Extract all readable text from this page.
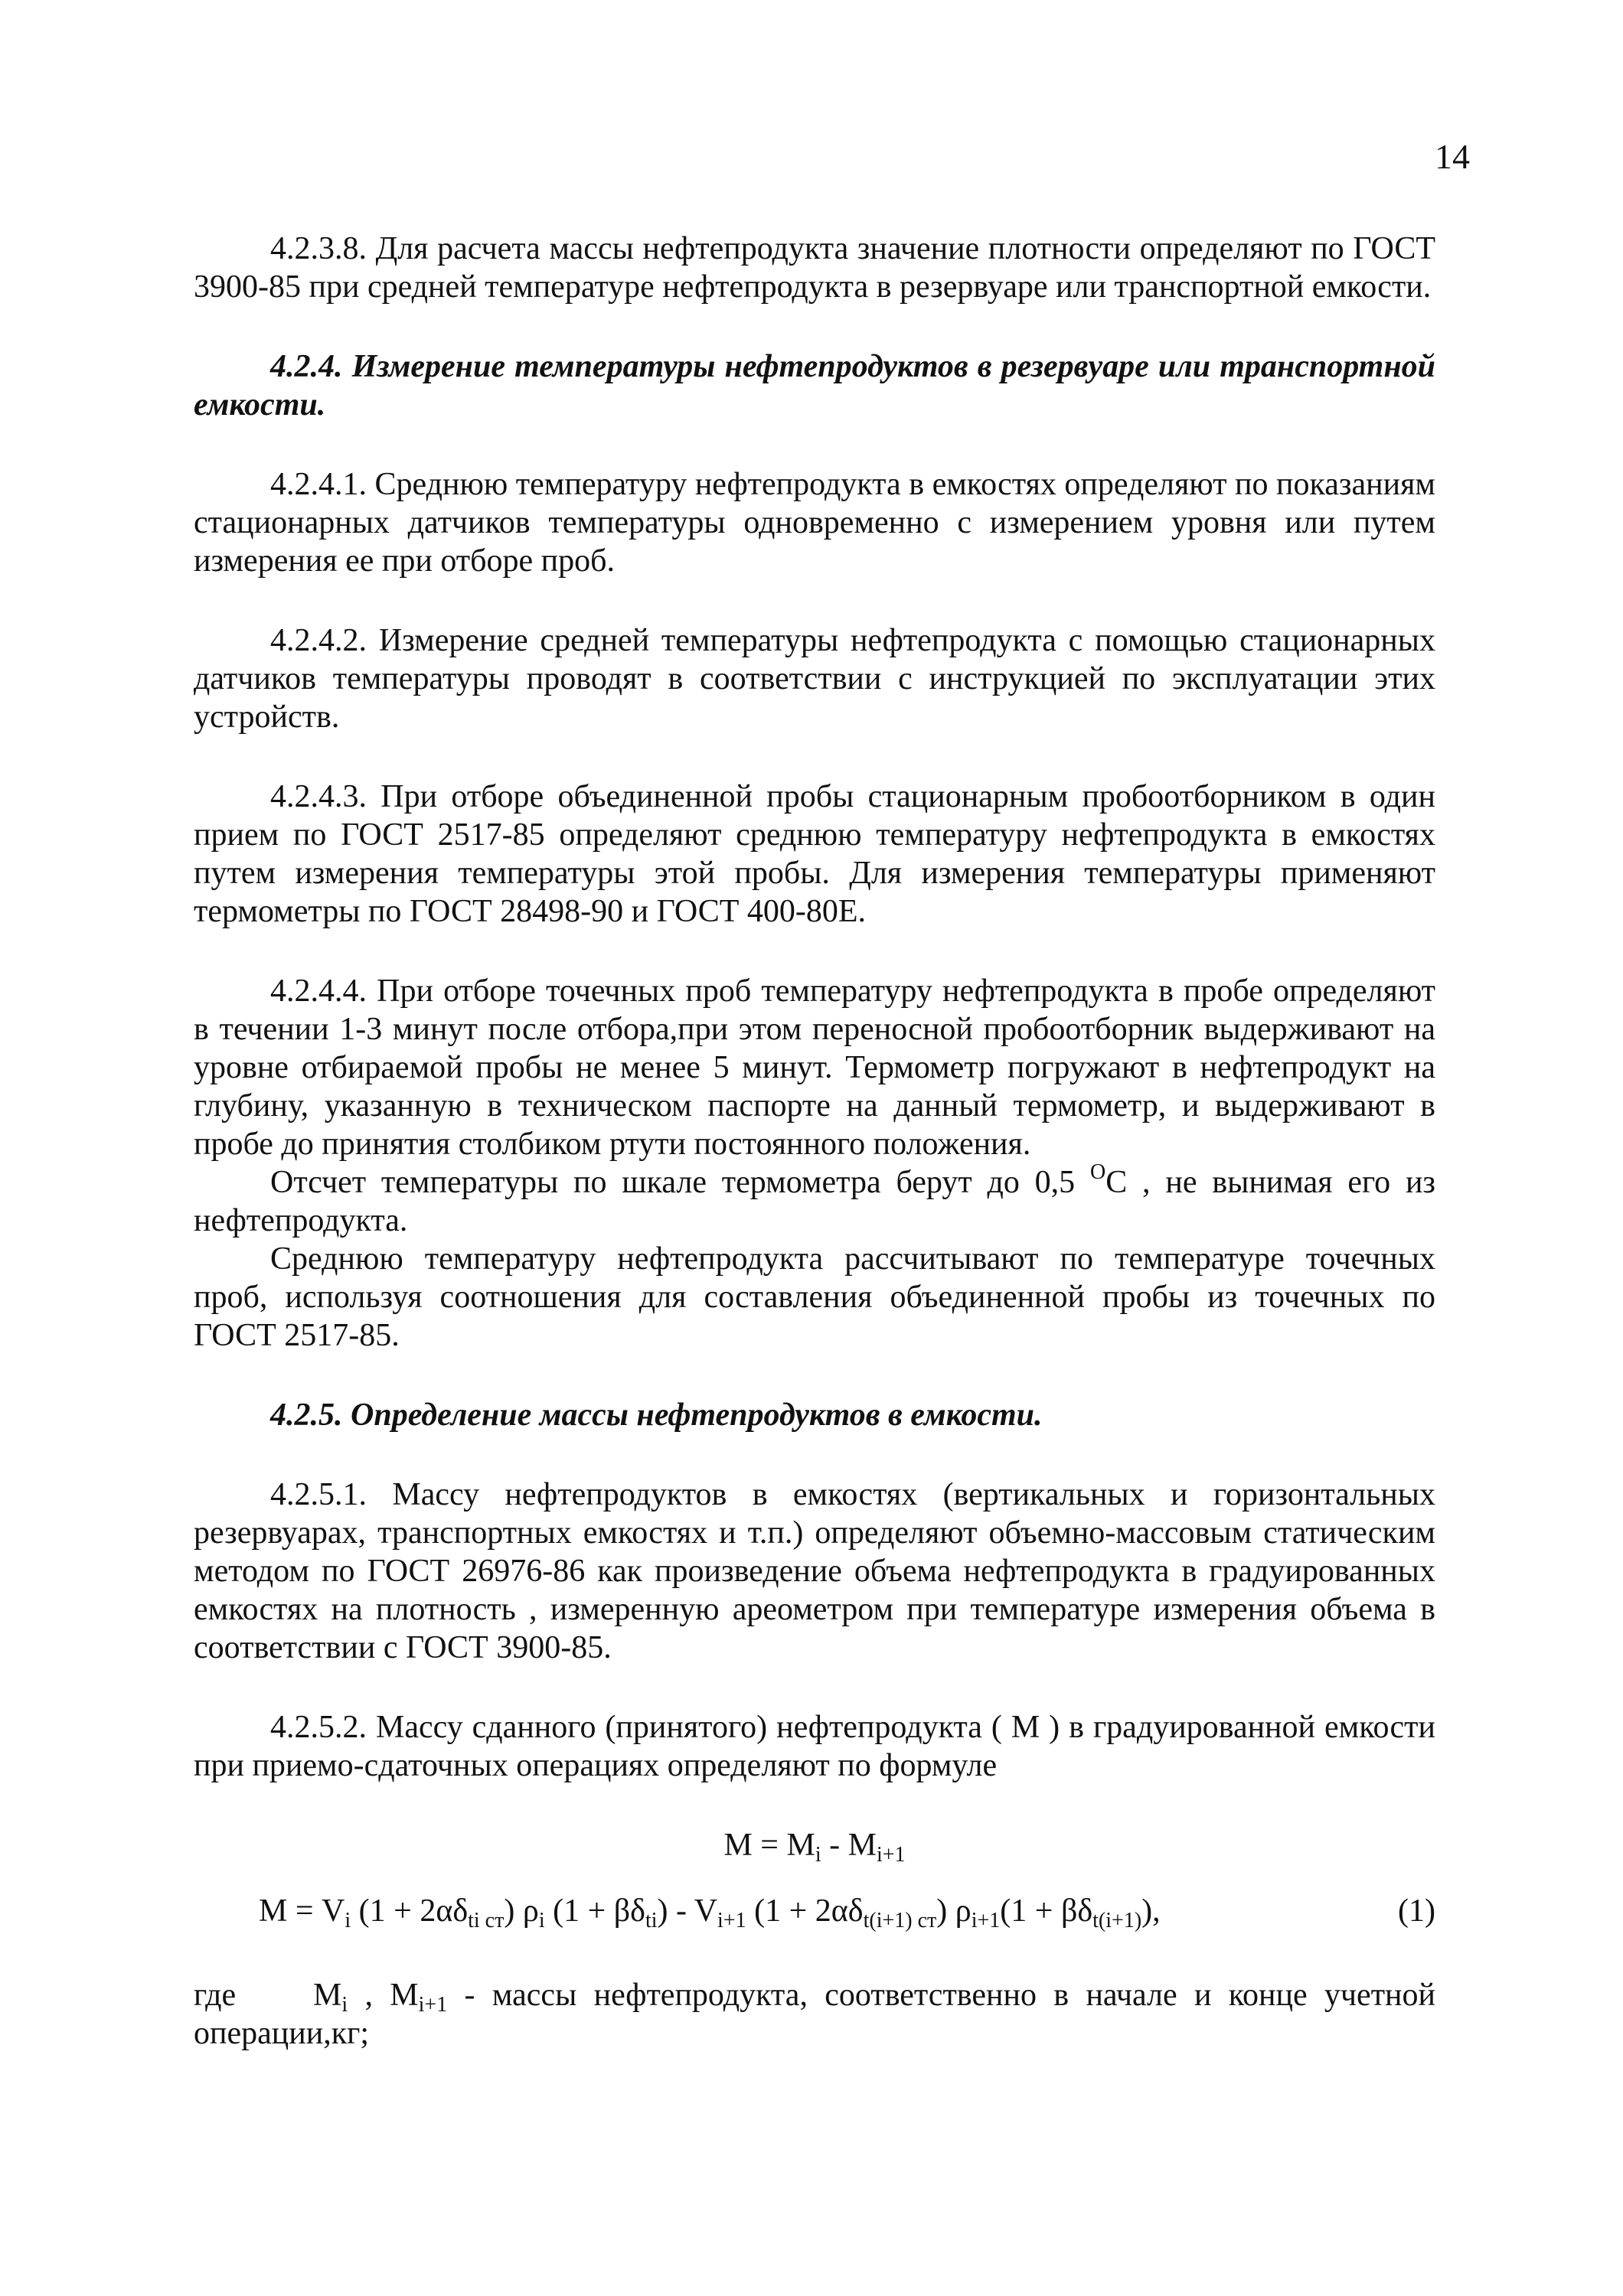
14

4.2.3.8. Для расчета массы нефтепродукта значение плотности определяют по ГОСТ 3900-85 при средней температуре нефтепродукта в резервуаре или транспортной емкости.

4.2.4. Измерение температуры нефтепродуктов в резервуаре или транспортной емкости.

4.2.4.1. Среднюю температуру нефтепродукта в емкостях определяют по показаниям стационарных датчиков температуры одновременно с измерением уровня или путем измерения ее при отборе проб.

4.2.4.2. Измерение средней температуры нефтепродукта с помощью стационарных датчиков температуры проводят в соответствии с инструкцией по эксплуатации этих устройств.

4.2.4.3. При отборе объединенной пробы стационарным пробоотборником в один прием по ГОСТ 2517-85 определяют среднюю температуру нефтепродукта в емкостях путем измерения температуры этой пробы. Для измерения температуры применяют термометры по ГОСТ 28498-90 и ГОСТ 400-80Е.

4.2.4.4. При отборе точечных проб температуру нефтепродукта в пробе определяют в течении 1-3 минут после отбора,при этом переносной пробоотборник выдерживают на уровне отбираемой пробы не менее 5 минут. Термометр погружают в нефтепродукт на глубину, указанную в техническом паспорте на данный термометр, и выдерживают в пробе до принятия столбиком ртути постоянного положения.

Отсчет температуры по шкале термометра берут до 0,5 $^O$С , не вынимая его из нефтепродукта.

Среднюю температуру нефтепродукта рассчитывают по температуре точечных проб, используя соотношения для составления объединенной пробы из точечных по ГОСТ 2517-85.

4.2.5. Определение массы нефтепродуктов в емкости.

4.2.5.1. Массу нефтепродуктов в емкостях (вертикальных и горизонтальных резервуарах, транспортных емкостях и т.п.) определяют объемно-массовым статическим методом по ГОСТ 26976-86 как произведение объема нефтепродукта в градуированных емкостях на плотность , измеренную ареометром при температуре измерения объема в соответствии с ГОСТ 3900-85.

4.2.5.2. Массу сданного (принятого) нефтепродукта ( М ) в градуированной емкости при приемо-сдаточных операциях определяют по формуле

$М = M_i - M_{i+1}$
$М = V_i$ $(1 + 2\alpha\delta_{ti ст})$ $\rho_i$ $(1 + \beta\delta_{ti}) - V_{i+1}$ $(1 + 2\alpha\delta_{t(i+1) ст})$ $\rho_{i+1}(1 + \beta\delta_{t(i+1)})$,	(1)

где $M_i$ , $M_{i+1}$ - массы нефтепродукта, соответственно в начале и конце учетной операции,кг;
